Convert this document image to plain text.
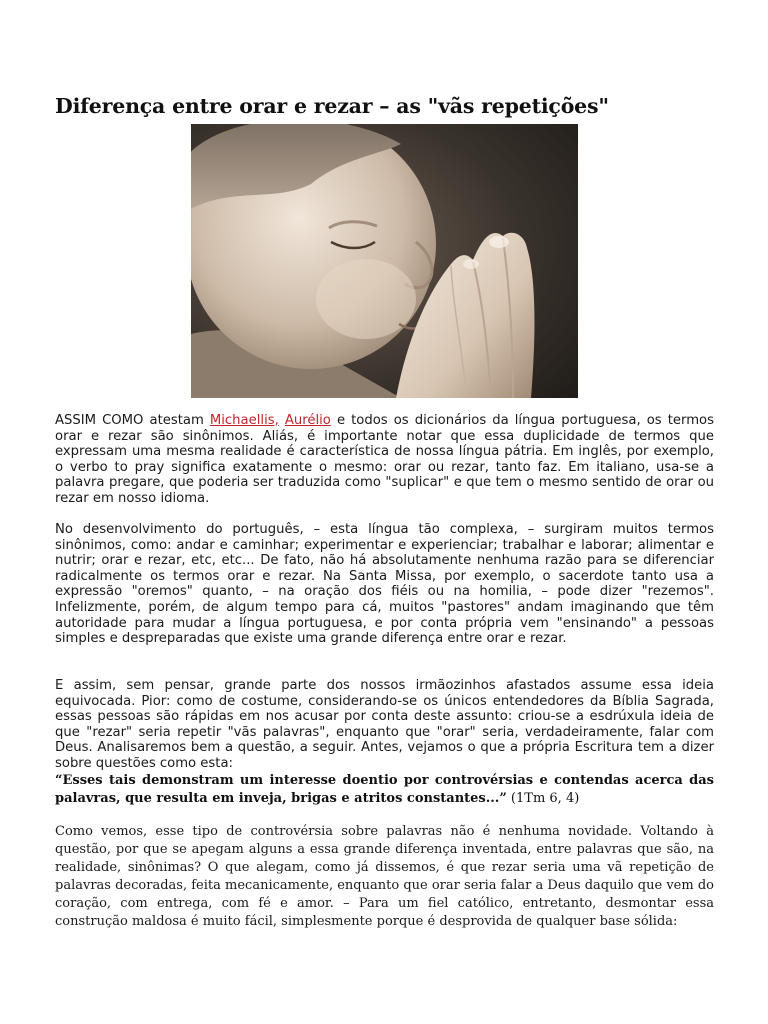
Diferença entre orar e rezar – as "vãs repetições"

ASSIM COMO atestam Michaellis, Aurélio e todos os dicionários da língua portuguesa, os termos orar e rezar são sinônimos. Aliás, é importante notar que essa duplicidade de termos que expressam uma mesma realidade é característica de nossa língua pátria. Em inglês, por exemplo, o verbo to pray significa exatamente o mesmo: orar ou rezar, tanto faz. Em italiano, usa-se a palavra pregare, que poderia ser traduzida como "suplicar" e que tem o mesmo sentido de orar ou rezar em nosso idioma.

No desenvolvimento do português, – esta língua tão complexa, – surgiram muitos termos sinônimos, como: andar e caminhar; experimentar e experienciar; trabalhar e laborar; alimentar e nutrir; orar e rezar, etc, etc... De fato, não há absolutamente nenhuma razão para se diferenciar radicalmente os termos orar e rezar. Na Santa Missa, por exemplo, o sacerdote tanto usa a expressão "oremos" quanto, – na oração dos fiéis ou na homilia, – pode dizer "rezemos". Infelizmente, porém, de algum tempo para cá, muitos "pastores" andam imaginando que têm autoridade para mudar a língua portuguesa, e por conta própria vem "ensinando" a pessoas simples e despreparadas que existe uma grande diferença entre orar e rezar.

E assim, sem pensar, grande parte dos nossos irmãozinhos afastados assume essa ideia equivocada. Pior: como de costume, considerando-se os únicos entendedores da Bíblia Sagrada, essas pessoas são rápidas em nos acusar por conta deste assunto: criou-se a esdrúxula ideia de que "rezar" seria repetir "vãs palavras", enquanto que "orar" seria, verdadeiramente, falar com Deus. Analisaremos bem a questão, a seguir. Antes, vejamos o que a própria Escritura tem a dizer sobre questões como esta:

“Esses tais demonstram um interesse doentio por controvérsias e contendas acerca das palavras, que resulta em inveja, brigas e atritos constantes...” (1Tm 6, 4)

Como vemos, esse tipo de controvérsia sobre palavras não é nenhuma novidade. Voltando à questão, por que se apegam alguns a essa grande diferença inventada, entre palavras que são, na realidade, sinônimas? O que alegam, como já dissemos, é que rezar seria uma vã repetição de palavras decoradas, feita mecanicamente, enquanto que orar seria falar a Deus daquilo que vem do coração, com entrega, com fé e amor. – Para um fiel católico, entretanto, desmontar essa construção maldosa é muito fácil, simplesmente porque é desprovida de qualquer base sólida:
